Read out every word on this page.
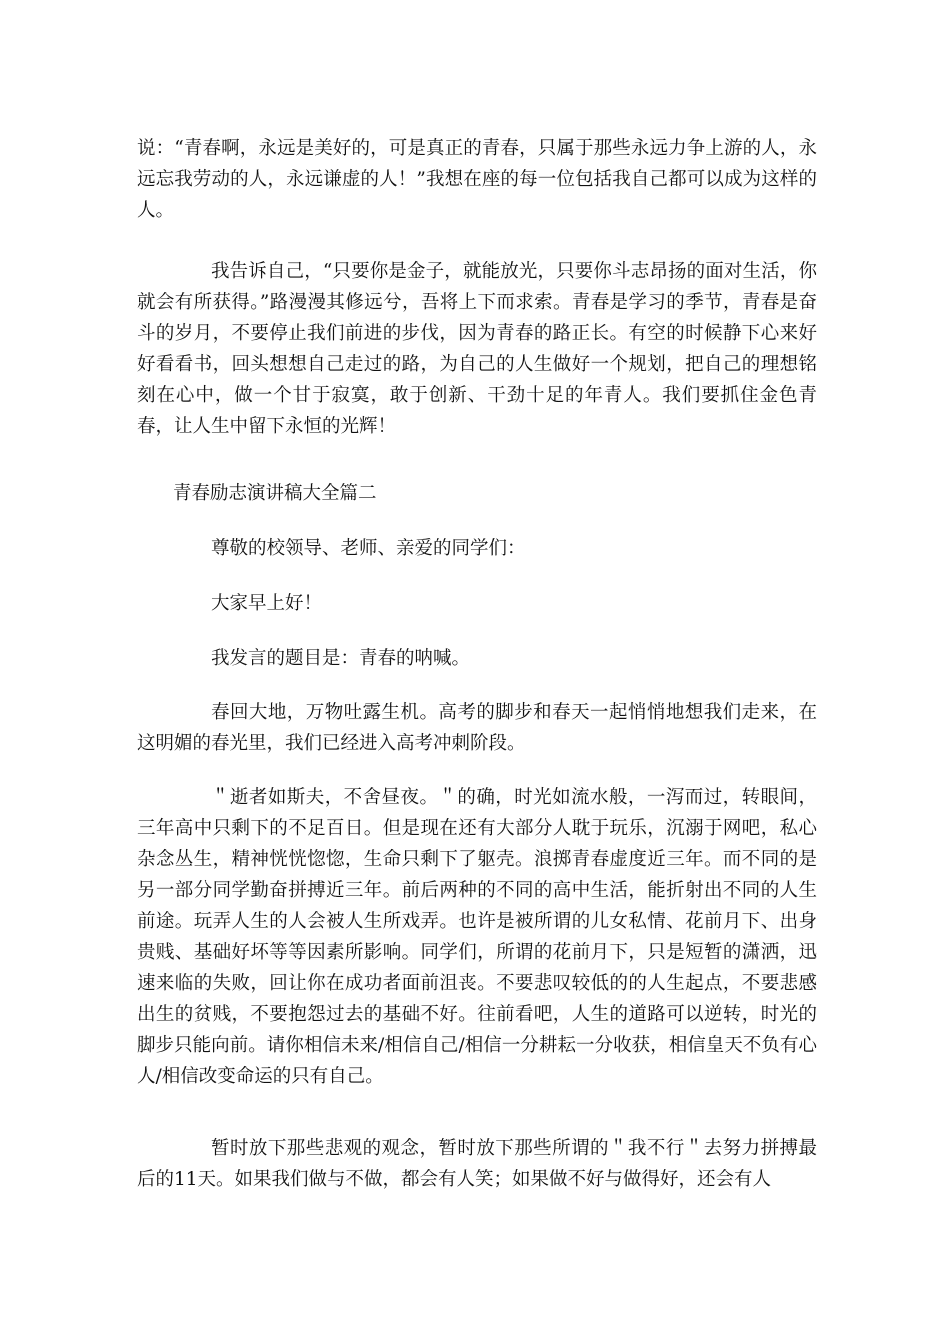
说：“青春啊，永远是美好的，可是真正的青春，只属于那些永远力争上游的人，永远忘我劳动的人，永远谦虚的人！”我想在座的每一位包括我自己都可以成为这样的人。

我告诉自己，“只要你是金子，就能放光，只要你斗志昂扬的面对生活，你就会有所获得。”路漫漫其修远兮，吾将上下而求索。青春是学习的季节，青春是奋斗的岁月，不要停止我们前进的步伐，因为青春的路正长。有空的时候静下心来好好看看书，回头想想自己走过的路，为自己的人生做好一个规划，把自己的理想铭刻在心中，做一个甘于寂寞，敢于创新、干劲十足的年青人。我们要抓住金色青春，让人生中留下永恒的光辉！

青春励志演讲稿大全篇二

尊敬的校领导、老师、亲爱的同学们：

大家早上好！

我发言的题目是：青春的呐喊。

春回大地，万物吐露生机。高考的脚步和春天一起悄悄地想我们走来，在这明媚的春光里，我们已经进入高考冲刺阶段。

＂逝者如斯夫，不舍昼夜。＂的确，时光如流水般，一泻而过，转眼间，三年高中只剩下的不足百日。但是现在还有大部分人耽于玩乐，沉溺于网吧，私心杂念丛生，精神恍恍惚惚，生命只剩下了躯壳。浪掷青春虚度近三年。而不同的是另一部分同学勤奋拼搏近三年。前后两种的不同的高中生活，能折射出不同的人生前途。玩弄人生的人会被人生所戏弄。也许是被所谓的儿女私情、花前月下、出身贵贱、基础好坏等等因素所影响。同学们，所谓的花前月下，只是短暂的潇洒，迅速来临的失败，回让你在成功者面前沮丧。不要悲叹较低的的人生起点，不要悲感出生的贫贱，不要抱怨过去的基础不好。往前看吧，人生的道路可以逆转，时光的脚步只能向前。请你相信未来/相信自己/相信一分耕耘一分收获，相信皇天不负有心人/相信改变命运的只有自己。

暂时放下那些悲观的观念，暂时放下那些所谓的＂我不行＂去努力拼搏最后的11天。如果我们做与不做，都会有人笑；如果做不好与做得好，还会有人
